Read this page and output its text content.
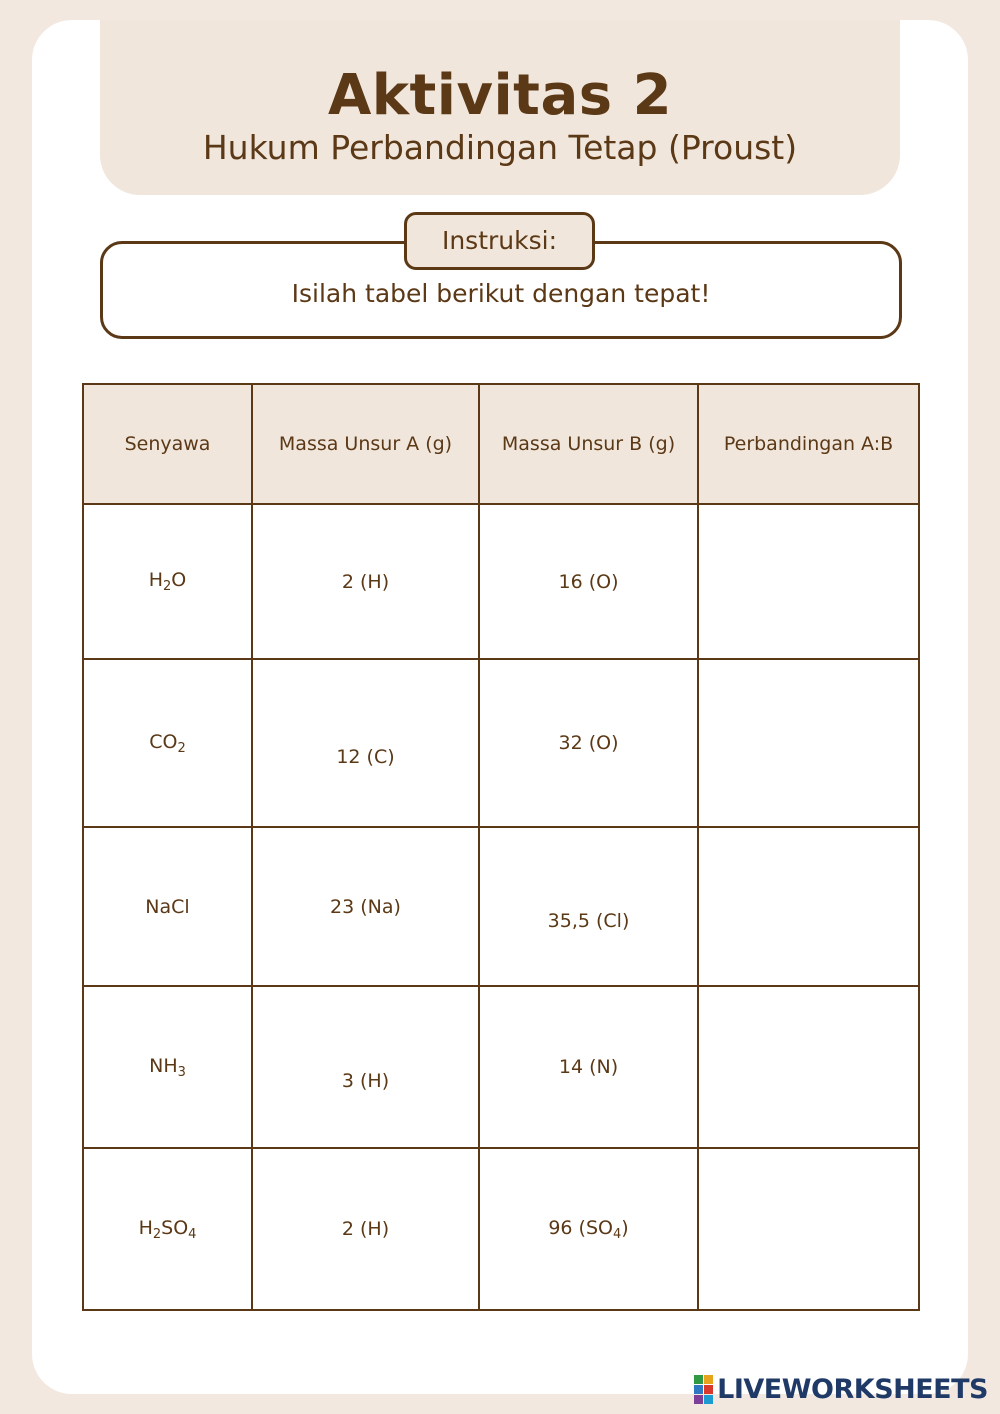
Aktivitas 2
Hukum Perbandingan Tetap (Proust)
Instruksi:
Isilah tabel berikut dengan tepat!
Senyawa	Massa Unsur A (g)	Massa Unsur B (g)	Perbandingan A:B
$H_2O$	2 (H)	16 (O)	
$CO_2$	12 (C)	32 (O)	
NaCl	23 (Na)	35,5 (Cl)	
$NH_3$	3 (H)	14 (N)	
$H_2SO_4$	2 (H)	96 $(SO_4)$	
LIVEWORKSHEETS
